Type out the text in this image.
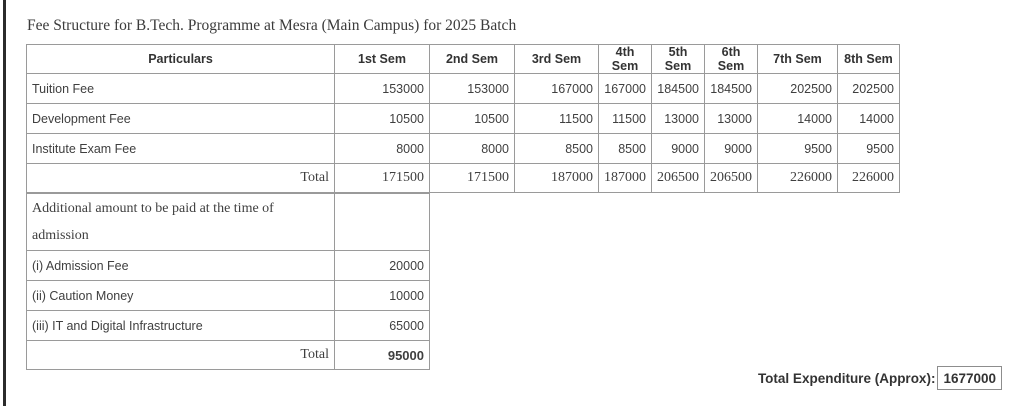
Fee Structure for B.Tech. Programme at Mesra (Main Campus) for 2025 Batch
Particulars	1st Sem	2nd Sem	3rd Sem	4th Sem	5th Sem	6th Sem	7th Sem	8th Sem
Tuition Fee	153000	153000	167000	167000	184500	184500	202500	202500
Development Fee	10500	10500	11500	11500	13000	13000	14000	14000
Institute Exam Fee	8000	8000	8500	8500	9000	9000	9500	9500
Total	171500	171500	187000	187000	206500	206500	226000	226000
Additional amount to be paid at the time of
admission	
(i) Admission Fee	20000
(ii) Caution Money	10000
(iii) IT and Digital Infrastructure	65000
Total	95000
Total Expenditure (Approx): 1677000
